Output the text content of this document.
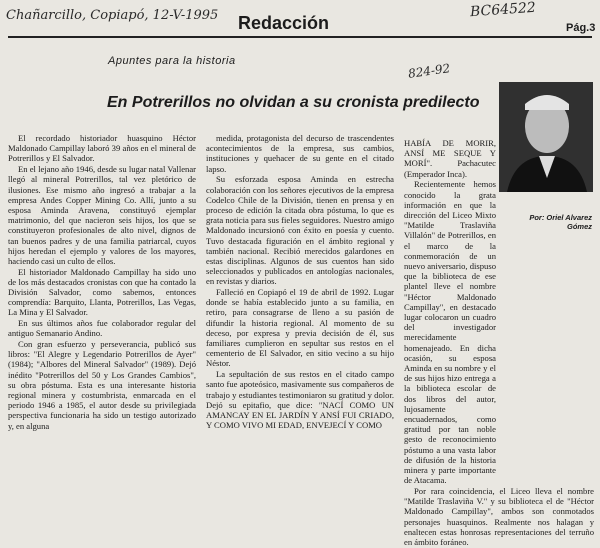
Chañarcillo, Copiapó, 12-V-1995	BC64522
Redacción	Pág.3
Apuntes para la historia
824-92
En Potrerillos no olvidan a su cronista predilecto
Por: Oriel Alvarez Gómez

El recordado historiador huasquino Héctor Maldonado Campillay laboró 39 años en el mineral de Potrerillos y El Salvador.

En el lejano año 1946, desde su lugar natal Vallenar llegó al mineral Potrerillos, tal vez pletórico de ilusiones. Ese mismo año ingresó a trabajar a la empresa Andes Copper Mining Co. Allí, junto a su esposa Aminda Aravena, constituyó ejemplar matrimonio, del que nacieron seis hijos, los que se constituyeron profesionales de alto nivel, dignos de tan buenos padres y de una familia patriarcal, cuyos hijos heredan el ejemplo y valores de los mayores, haciendo casi un culto de ellos.

El historiador Maldonado Campillay ha sido uno de los más destacados cronistas con que ha contado la División Salvador, como sabemos, entonces comprendía: Barquito, Llanta, Potrerillos, Las Vegas, La Mina y El Salvador.

En sus últimos años fue colaborador regular del antiguo Semanario Andino.

Con gran esfuerzo y perseverancia, publicó sus libros: "El Alegre y Legendario Potrerillos de Ayer" (1984); "Albores del Mineral Salvador" (1989). Dejó inédito "Potrerillos del 50 y Los Grandes Cambios", su obra póstuma. Esta es una interesante historia regional minera y costumbrista, enmarcada en el periodo 1946 a 1985, el autor desde su privilegiada perspectiva funcionaria ha sido un testigo autorizado y, en alguna

medida, protagonista del decurso de trascendentes acontecimientos de la empresa, sus cambios, instituciones y quehacer de su gente en el citado lapso.

Su esforzada esposa Aminda en estrecha colaboración con los señores ejecutivos de la empresa Codelco Chile de la División, tienen en prensa y en proceso de edición la citada obra póstuma, lo que es grata noticia para sus fieles seguidores. Nuestro amigo Maldonado incursionó con éxito en poesía y cuento. Tuvo destacada figuración en el ámbito regional y también nacional. Recibió merecidos galardones en estas disciplinas. Algunos de sus cuentos han sido seleccionados y publicados en antologías nacionales, en revistas y diarios.

Falleció en Copiapó el 19 de abril de 1992. Lugar donde se había establecido junto a su familia, en retiro, para consagrarse de lleno a su pasión de difundir la historia regional. Al momento de su deceso, por expresa y previa decisión de él, sus familiares cumplieron en sepultar sus restos en el cementerio de El Salvador, en sitio vecino a su hijo Néstor.

La sepultación de sus restos en el citado campo santo fue apoteósico, masivamente sus compañeros de trabajo y estudiantes testimoniaron su gratitud y dolor. Dejó su epitafio, que dice: "NACÍ COMO UN AMANCAY EN EL JARDÍN Y ANSÍ FUI CRIADO, Y COMO VIVO MI EDAD, ENVEJECÍ Y COMO

HABÍA DE MORIR, ANSÍ ME SEQUE Y MORÍ". Pachacutec (Emperador Inca).

Recientemente hemos conocido la grata información en que la dirección del Liceo Mixto "Matilde Traslaviña Villalón" de Potrerillos, en el marco de la conmemoración de un nuevo aniversario, dispuso que la biblioteca de ese plantel lleve el nombre "Héctor Maldonado Campillay", en destacado lugar colocaron un cuadro del investigador merecidamente homenajeado. En dicha ocasión, su esposa Aminda en su nombre y el de sus hijos hizo entrega a la biblioteca escolar de dos libros del autor, lujosamente encuadernados, como gratitud por tan noble gesto de reconocimiento póstumo a una vasta labor de difusión de la historia minera y parte importante de Atacama.

Por rara coincidencia, el Liceo lleva el nombre "Matilde Traslaviña V." y su biblioteca el de "Héctor Maldonado Campillay", ambos son conmotados personajes huasquinos. Realmente nos halagan y enaltecen estas honrosas representaciones del terruño en ámbito foráneo.
